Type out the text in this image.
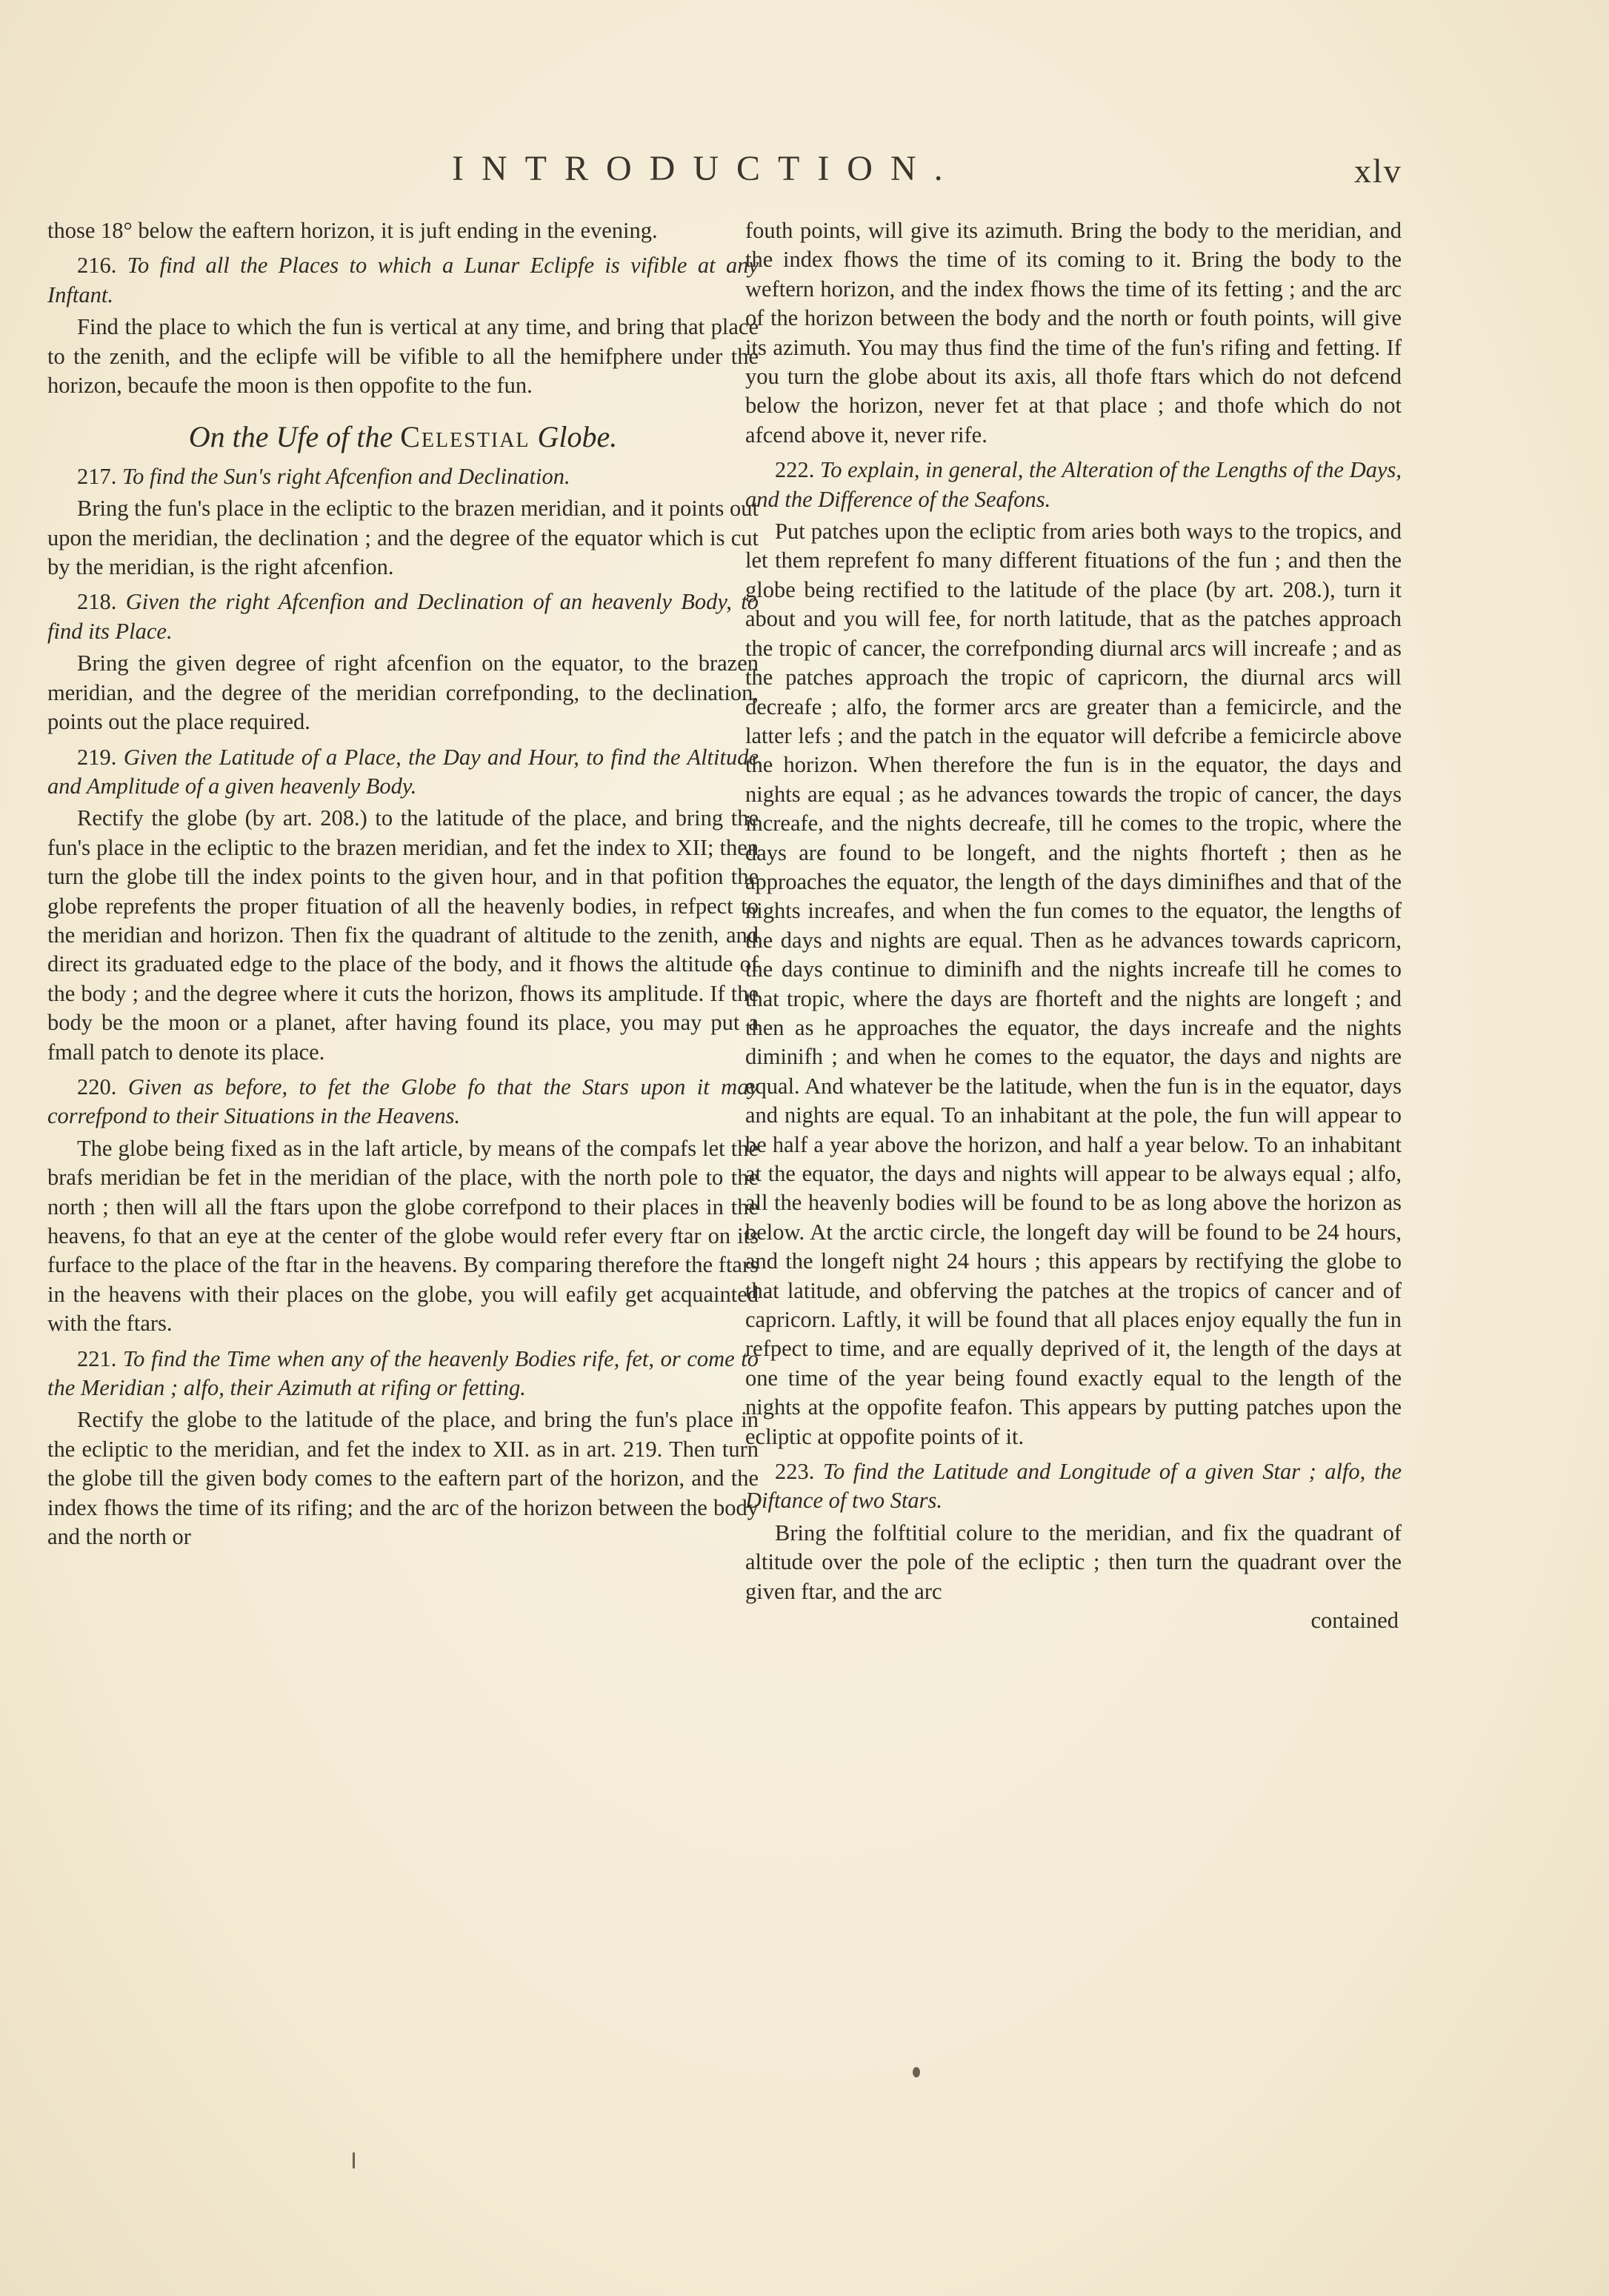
INTRODUCTION.	xlv

those 18° below the eaftern horizon, it is juft ending in the evening.

216. To find all the Places to which a Lunar Eclipfe is vifible at any Inftant.

Find the place to which the fun is vertical at any time, and bring that place to the zenith, and the eclipfe will be vifible to all the hemifphere under the horizon, becaufe the moon is then oppofite to the fun.

On the Ufe of the Celestial Globe.

217. To find the Sun's right Afcenfion and Declination.

Bring the fun's place in the ecliptic to the brazen meridian, and it points out upon the meridian, the declination ; and the degree of the equator which is cut by the meridian, is the right afcenfion.

218. Given the right Afcenfion and Declination of an heavenly Body, to find its Place.

Bring the given degree of right afcenfion on the equator, to the brazen meridian, and the degree of the meridian correfponding, to the declination, points out the place required.

219. Given the Latitude of a Place, the Day and Hour, to find the Altitude and Amplitude of a given heavenly Body.

Rectify the globe (by art. 208.) to the latitude of the place, and bring the fun's place in the ecliptic to the brazen meridian, and fet the index to XII; then turn the globe till the index points to the given hour, and in that pofition the globe reprefents the proper fituation of all the heavenly bodies, in refpect to the meridian and horizon. Then fix the quadrant of altitude to the zenith, and direct its graduated edge to the place of the body, and it fhows the altitude of the body ; and the degree where it cuts the horizon, fhows its amplitude. If the body be the moon or a planet, after having found its place, you may put a fmall patch to denote its place.

220. Given as before, to fet the Globe fo that the Stars upon it may correfpond to their Situations in the Heavens.

The globe being fixed as in the laft article, by means of the compafs let the brafs meridian be fet in the meridian of the place, with the north pole to the north ; then will all the ftars upon the globe correfpond to their places in the heavens, fo that an eye at the center of the globe would refer every ftar on its furface to the place of the ftar in the heavens. By comparing therefore the ftars in the heavens with their places on the globe, you will eafily get acquainted with the ftars.

221. To find the Time when any of the heavenly Bodies rife, fet, or come to the Meridian ; alfo, their Azimuth at rifing or fetting.

Rectify the globe to the latitude of the place, and bring the fun's place in the ecliptic to the meridian, and fet the index to XII. as in art. 219. Then turn the globe till the given body comes to the eaftern part of the horizon, and the index fhows the time of its rifing; and the arc of the horizon between the body and the north or

fouth points, will give its azimuth. Bring the body to the meridian, and the index fhows the time of its coming to it. Bring the body to the weftern horizon, and the index fhows the time of its fetting ; and the arc of the horizon between the body and the north or fouth points, will give its azimuth. You may thus find the time of the fun's rifing and fetting. If you turn the globe about its axis, all thofe ftars which do not defcend below the horizon, never fet at that place ; and thofe which do not afcend above it, never rife.

222. To explain, in general, the Alteration of the Lengths of the Days, and the Difference of the Seafons.

Put patches upon the ecliptic from aries both ways to the tropics, and let them reprefent fo many different fituations of the fun ; and then the globe being rectified to the latitude of the place (by art. 208.), turn it about and you will fee, for north latitude, that as the patches approach the tropic of cancer, the correfponding diurnal arcs will increafe ; and as the patches approach the tropic of capricorn, the diurnal arcs will decreafe ; alfo, the former arcs are greater than a femicircle, and the latter lefs ; and the patch in the equator will defcribe a femicircle above the horizon. When therefore the fun is in the equator, the days and nights are equal ; as he advances towards the tropic of cancer, the days increafe, and the nights decreafe, till he comes to the tropic, where the days are found to be longeft, and the nights fhorteft ; then as he approaches the equator, the length of the days diminifhes and that of the nights increafes, and when the fun comes to the equator, the lengths of the days and nights are equal. Then as he advances towards capricorn, the days continue to diminifh and the nights increafe till he comes to that tropic, where the days are fhorteft and the nights are longeft ; and then as he approaches the equator, the days increafe and the nights diminifh ; and when he comes to the equator, the days and nights are equal. And whatever be the latitude, when the fun is in the equator, days and nights are equal. To an inhabitant at the pole, the fun will appear to be half a year above the horizon, and half a year below. To an inhabitant at the equator, the days and nights will appear to be always equal ; alfo, all the heavenly bodies will be found to be as long above the horizon as below. At the arctic circle, the longeft day will be found to be 24 hours, and the longeft night 24 hours ; this appears by rectifying the globe to that latitude, and obferving the patches at the tropics of cancer and of capricorn. Laftly, it will be found that all places enjoy equally the fun in refpect to time, and are equally deprived of it, the length of the days at one time of the year being found exactly equal to the length of the nights at the oppofite feafon. This appears by putting patches upon the ecliptic at oppofite points of it.

223. To find the Latitude and Longitude of a given Star ; alfo, the Diftance of two Stars.

Bring the folftitial colure to the meridian, and fix the quadrant of altitude over the pole of the ecliptic ; then turn the quadrant over the given ftar, and the arc

contained
